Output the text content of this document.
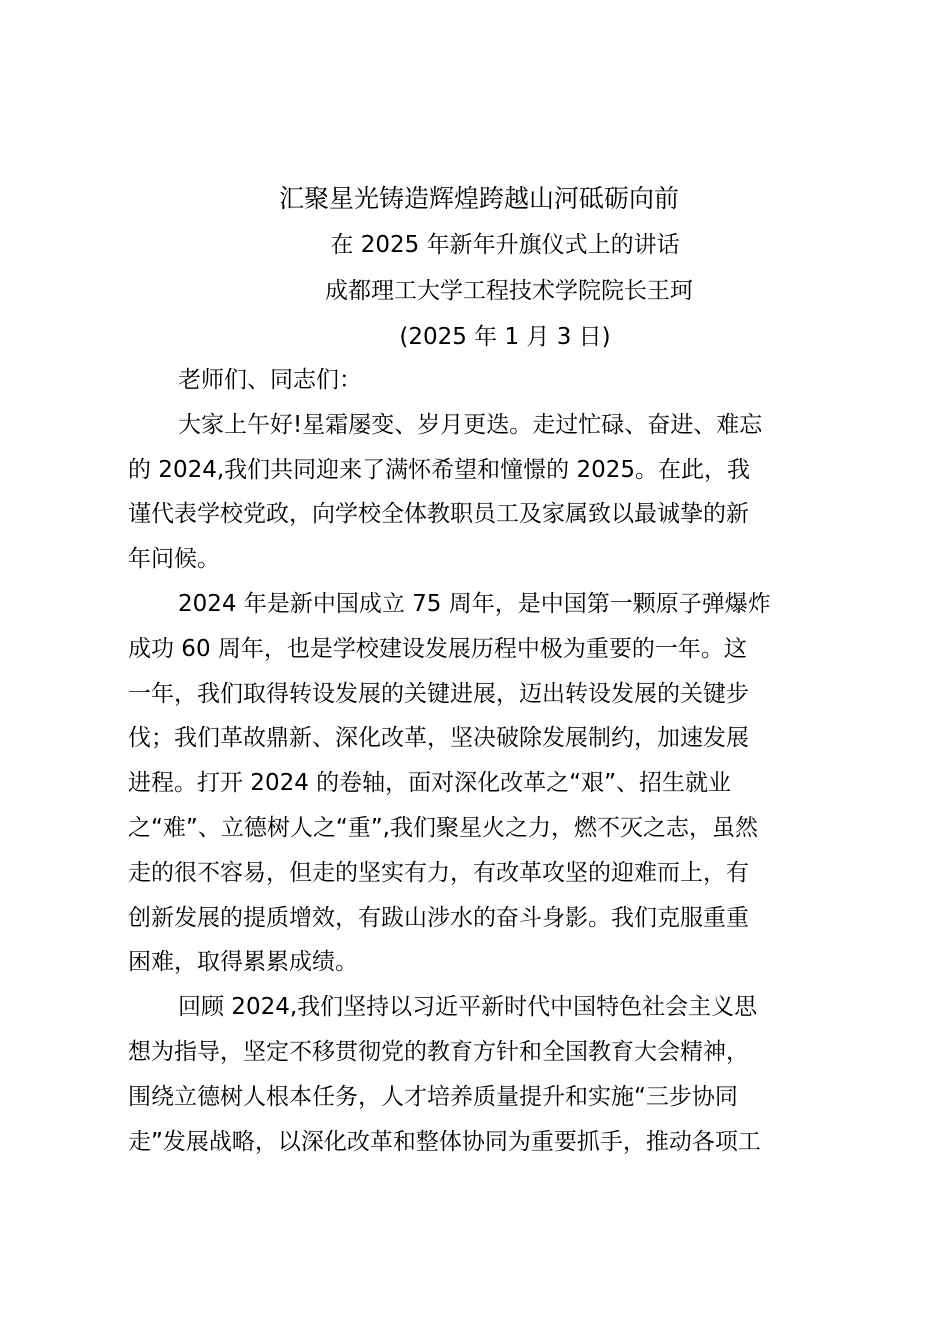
汇聚星光铸造辉煌跨越山河砥砺向前
在 2025 年新年升旗仪式上的讲话
成都理工大学工程技术学院院长王珂
(2025 年 1 月 3 日)
老师们、同志们：
大家上午好!星霜屡变、岁月更迭。走过忙碌、奋进、难忘
的 2024,我们共同迎来了满怀希望和憧憬的 2025。在此，我
谨代表学校党政，向学校全体教职员工及家属致以最诚挚的新
年问候。
2024 年是新中国成立 75 周年，是中国第一颗原子弹爆炸
成功 60 周年，也是学校建设发展历程中极为重要的一年。这
一年，我们取得转设发展的关键进展，迈出转设发展的关键步
伐；我们革故鼎新、深化改革，坚决破除发展制约，加速发展
进程。打开 2024 的卷轴，面对深化改革之“艰”、招生就业
之“难”、立德树人之“重”,我们聚星火之力，燃不灭之志，虽然
走的很不容易，但走的坚实有力，有改革攻坚的迎难而上，有
创新发展的提质增效，有跋山涉水的奋斗身影。我们克服重重
困难，取得累累成绩。
回顾 2024,我们坚持以习近平新时代中国特色社会主义思
想为指导，坚定不移贯彻党的教育方针和全国教育大会精神，
围绕立德树人根本任务，人才培养质量提升和实施“三步协同
走”发展战略，以深化改革和整体协同为重要抓手，推动各项工
